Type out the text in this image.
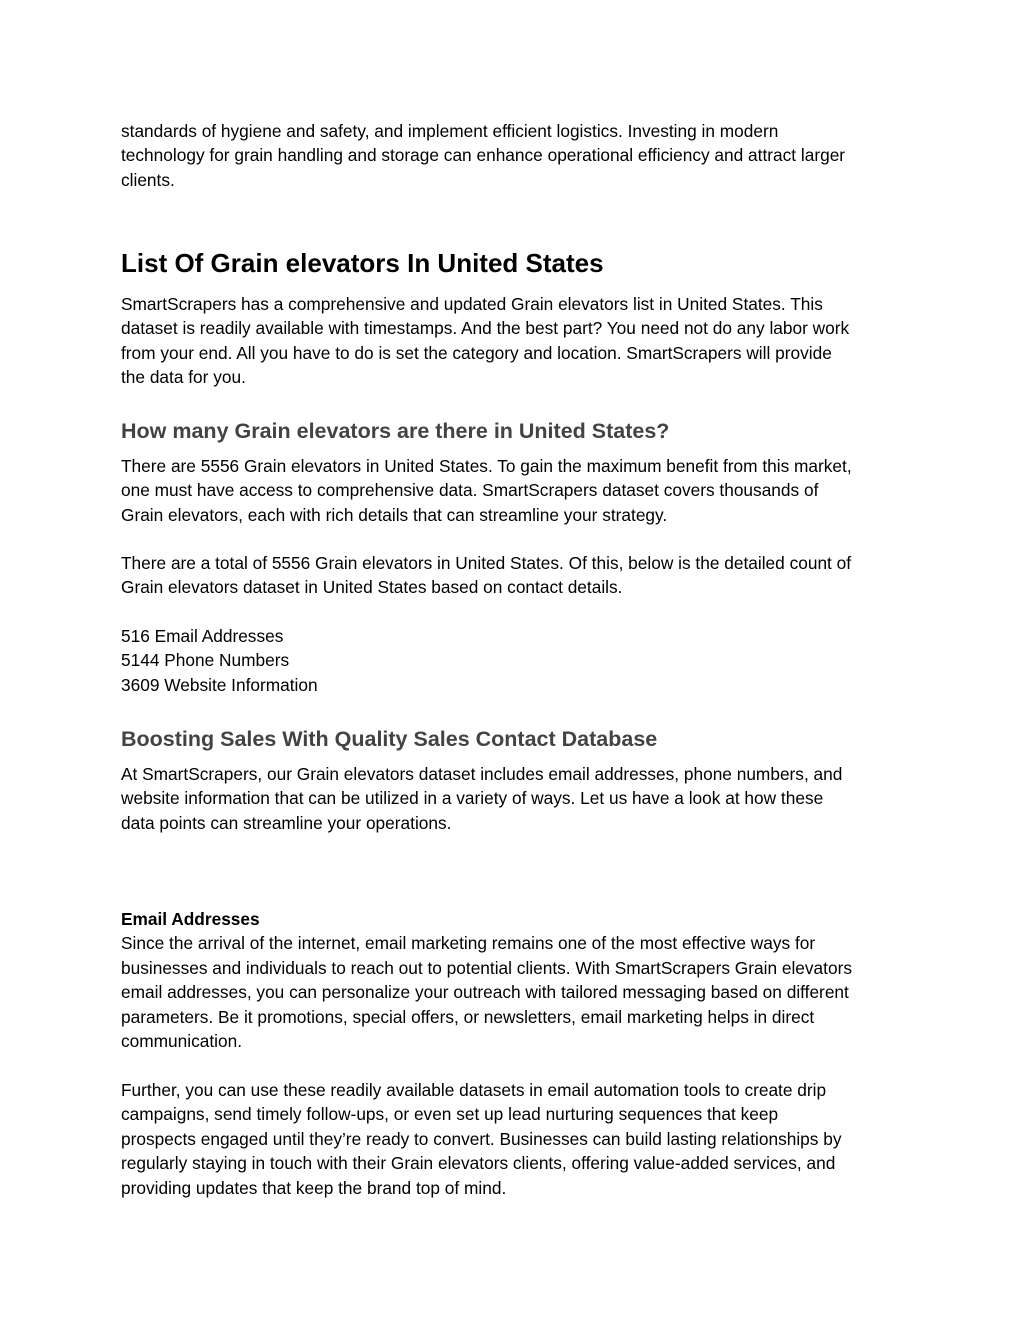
standards of hygiene and safety, and implement efficient logistics. Investing in modern
technology for grain handling and storage can enhance operational efficiency and attract larger
clients.

List Of Grain elevators In United States

SmartScrapers has a comprehensive and updated Grain elevators list in United States. This
dataset is readily available with timestamps. And the best part? You need not do any labor work
from your end. All you have to do is set the category and location. SmartScrapers will provide
the data for you.

How many Grain elevators are there in United States?

There are 5556 Grain elevators in United States. To gain the maximum benefit from this market,
one must have access to comprehensive data. SmartScrapers dataset covers thousands of
Grain elevators, each with rich details that can streamline your strategy.

There are a total of 5556 Grain elevators in United States. Of this, below is the detailed count of
Grain elevators dataset in United States based on contact details.

516 Email Addresses
5144 Phone Numbers
3609 Website Information

Boosting Sales With Quality Sales Contact Database

At SmartScrapers, our Grain elevators dataset includes email addresses, phone numbers, and
website information that can be utilized in a variety of ways. Let us have a look at how these
data points can streamline your operations.

Email Addresses
Since the arrival of the internet, email marketing remains one of the most effective ways for
businesses and individuals to reach out to potential clients. With SmartScrapers Grain elevators
email addresses, you can personalize your outreach with tailored messaging based on different
parameters. Be it promotions, special offers, or newsletters, email marketing helps in direct
communication.

Further, you can use these readily available datasets in email automation tools to create drip
campaigns, send timely follow-ups, or even set up lead nurturing sequences that keep
prospects engaged until they’re ready to convert. Businesses can build lasting relationships by
regularly staying in touch with their Grain elevators clients, offering value-added services, and
providing updates that keep the brand top of mind.
